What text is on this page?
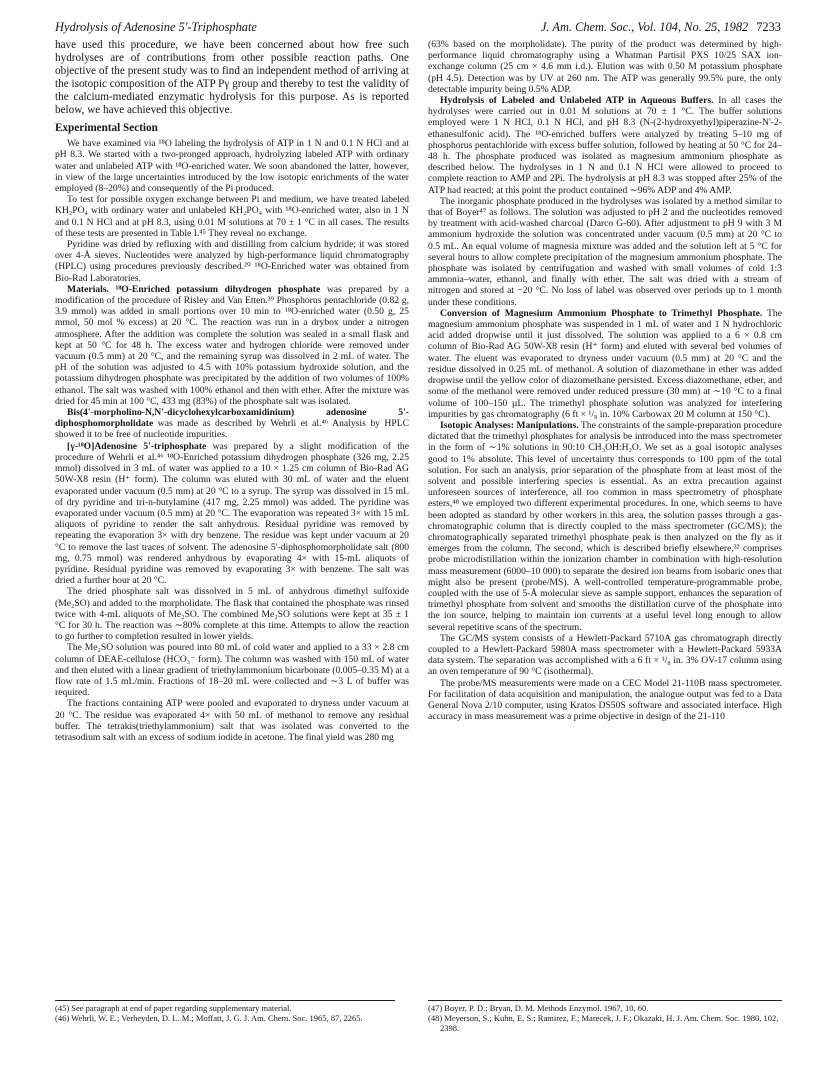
Hydrolysis of Adenosine 5'-Triphosphate	J. Am. Chem. Soc., Vol. 104, No. 25, 1982 7233

have used this procedure, we have been concerned about how free such hydrolyses are of contributions from other possible reaction paths. One objective of the present study was to find an independent method of arriving at the isotopic composition of the ATP Pγ group and thereby to test the validity of the calcium-mediated enzymatic hydrolysis for this purpose. As is reported below, we have achieved this objective.

Experimental Section

We have examined via ¹⁸O labeling the hydrolysis of ATP in 1 N and 0.1 N HCl and at pH 8.3. We started with a two-pronged approach, hydrolyzing labeled ATP with ordinary water and unlabeled ATP with ¹⁸O-enriched water. We soon abandoned the latter, however, in view of the large uncertainties introduced by the low isotopic enrichments of the water employed (8–20%) and consequently of the Pi produced.

To test for possible oxygen exchange between Pi and medium, we have treated labeled KH₂PO₄ with ordinary water and unlabeled KH₂PO₄ with ¹⁸O-enriched water, also in 1 N and 0.1 N HCl and at pH 8.3, using 0.01 M solutions at 70 ± 1 °C in all cases. The results of these tests are presented in Table I.⁴⁵ They reveal no exchange.

Pyridine was dried by refluxing with and distilling from calcium hydride; it was stored over 4-Å sieves. Nucleotides were analyzed by high-performance liquid chromatography (HPLC) using procedures previously described.²⁰ ¹⁸O-Enriched water was obtained from Bio-Rad Laboratories.

Materials. ¹⁸O-Enriched potassium dihydrogen phosphate was prepared by a modification of the procedure of Risley and Van Etten.³⁹ Phosphorus pentachloride (0.82 g, 3.9 mmol) was added in small portions over 10 min to ¹⁸O-enriched water (0.50 g, 25 mmol, 50 mol % excess) at 20 °C. The reaction was run in a drybox under a nitrogen atmosphere. After the addition was complete the solution was sealed in a small flask and kept at 50 °C for 48 h. The excess water and hydrogen chloride were removed under vacuum (0.5 mm) at 20 °C, and the remaining syrup was dissolved in 2 mL of water. The pH of the solution was adjusted to 4.5 with 10% potassium hydroxide solution, and the potassium dihydrogen phosphate was precipitated by the addition of two volumes of 100% ethanol. The salt was washed with 100% ethanol and then with ether. After the mixture was dried for 45 min at 100 °C, 433 mg (83%) of the phosphate salt was isolated.

Bis(4'-morpholino-N,N'-dicyclohexylcarboxamidinium) adenosine 5'-diphosphomorpholidate was made as described by Wehrli et al.⁴⁶ Analysis by HPLC showed it to be free of nucleotide impurities.

[γ-¹⁸O]Adenosine 5'-triphosphate was prepared by a slight modification of the procedure of Wehrli et al.⁴⁶ ¹⁸O-Enriched potassium dihydrogen phosphate (326 mg, 2.25 mmol) dissolved in 3 mL of water was applied to a 10 × 1.25 cm column of Bio-Rad AG 50W-X8 resin (H⁺ form). The column was eluted with 30 mL of water and the eluent evaporated under vacuum (0.5 mm) at 20 °C to a syrup. The syrup was dissolved in 15 mL of dry pyridine and tri-n-butylamine (417 mg, 2.25 mmol) was added. The pyridine was evaporated under vacuum (0.5 mm) at 20 °C. The evaporation was repeated 3× with 15 mL aliquots of pyridine to render the salt anhydrous. Residual pyridine was removed by repeating the evaporation 3× with dry benzene. The residue was kept under vacuum at 20 °C to remove the last traces of solvent. The adenosine 5'-diphosphomorpholidate salt (800 mg, 0.75 mmol) was rendered anhydrous by evaporating 4× with 15-mL aliquots of pyridine. Residual pyridine was removed by evaporating 3× with benzene. The salt was dried a further hour at 20 °C.

The dried phosphate salt was dissolved in 5 mL of anhydrous dimethyl sulfoxide (Me₂SO) and added to the morpholidate. The flask that contained the phosphate was rinsed twice with 4-mL aliquots of Me₂SO. The combined Me₂SO solutions were kept at 35 ± 1 °C for 30 h. The reaction was ∼80% complete at this time. Attempts to allow the reaction to go further to completion resulted in lower yields.

The Me₂SO solution was poured into 80 mL of cold water and applied to a 33 × 2.8 cm column of DEAE-cellulose (HCO₃⁻ form). The column was washed with 150 mL of water and then eluted with a linear gradient of triethylammonium bicarbonate (0.005–0.35 M) at a flow rate of 1.5 mL/min. Fractions of 18–20 mL were collected and ∼3 L of buffer was required.

The fractions containing ATP were pooled and evaporated to dryness under vacuum at 20 °C. The residue was evaporated 4× with 50 mL of methanol to remove any residual buffer. The tetrakis(triethylammonium) salt that was isolated was converted to the tetrasodium salt with an excess of sodium iodide in acetone. The final yield was 280 mg

(63% based on the morpholidate). The purity of the product was determined by high-performance liquid chromatography using a Whatman Partisil PXS 10/25 SAX ion-exchange column (25 cm × 4.6 mm i.d.). Elution was with 0.50 M potassium phosphate (pH 4.5). Detection was by UV at 260 nm. The ATP was generally 99.5% pure, the only detectable impurity being 0.5% ADP.

Hydrolysis of Labeled and Unlabeled ATP in Aqueous Buffers. In all cases the hydrolyses were carried out in 0.01 M solutions at 70 ± 1 °C. The buffer solutions employed were 1 N HCl, 0.1 N HCl, and pH 8.3 (N-(2-hydroxyethyl)piperazine-N'-2-ethanesulfonic acid). The ¹⁸O-enriched buffers were analyzed by treating 5–10 mg of phosphorus pentachloride with excess buffer solution, followed by heating at 50 °C for 24–48 h. The phosphate produced was isolated as magnesium ammonium phosphate as described below. The hydrolyses in 1 N and 0.1 N HCl were allowed to proceed to complete reaction to AMP and 2Pi. The hydrolysis at pH 8.3 was stopped after 25% of the ATP had reacted; at this point the product contained ∼96% ADP and 4% AMP.

The inorganic phosphate produced in the hydrolyses was isolated by a method similar to that of Boyer⁴⁷ as follows. The solution was adjusted to pH 2 and the nucleotides removed by treatment with acid-washed charcoal (Darco G-60). After adjustment to pH 9 with 3 M ammonium hydroxide the solution was concentrated under vacuum (0.5 mm) at 20 °C to 0.5 mL. An equal volume of magnesia mixture was added and the solution left at 5 °C for several hours to allow complete precipitation of the magnesium ammonium phosphate. The phosphate was isolated by centrifugation and washed with small volumes of cold 1:3 ammonia–water, ethanol, and finally with ether. The salt was dried with a stream of nitrogen and stored at −20 °C. No loss of label was observed over periods up to 1 month under these conditions.

Conversion of Magnesium Ammonium Phosphate to Trimethyl Phosphate. The magnesium ammonium phosphate was suspended in 1 mL of water and 1 N hydrochloric acid added dropwise until it just dissolved. The solution was applied to a 6 × 0.8 cm column of Bio-Rad AG 50W-X8 resin (H⁺ form) and eluted with several bed volumes of water. The eluent was evaporated to dryness under vacuum (0.5 mm) at 20 °C and the residue dissolved in 0.25 mL of methanol. A solution of diazomethane in ether was added dropwise until the yellow color of diazomethane persisted. Excess diazomethane, ether, and some of the methanol were removed under reduced pressure (30 mm) at ∼10 °C to a final volume of 100–150 µL. The trimethyl phosphate solution was analyzed for interfering impurities by gas chromatography (6 ft × ¹/₈ in. 10% Carbowax 20 M column at 150 °C).

Isotopic Analyses: Manipulations. The constraints of the sample-preparation procedure dictated that the trimethyl phosphates for analysis be introduced into the mass spectrometer in the form of ∼1% solutions in 90:10 CH₃OH:H₂O. We set as a goal isotopic analyses good to 1% absolute. This level of uncertainty thus corresponds to 100 ppm of the total solution. For such an analysis, prior separation of the phosphate from at least most of the solvent and possible interfering species is essential. As an extra precaution against unforeseen sources of interference, all too common in mass spectrometry of phosphate esters,⁴⁸ we employed two different experimental procedures. In one, which seems to have been adopted as standard by other workers in this area, the solution passes through a gas-chromatographic column that is directly coupled to the mass spectrometer (GC/MS); the chromatographically separated trimethyl phosphate peak is then analyzed on the fly as it emerges from the column. The second, which is described briefly elsewhere,³² comprises probe microdistillation within the ionization chamber in combination with high-resolution mass measurement (6000–10 000) to separate the desired ion beams from isobaric ones that might also be present (probe/MS). A well-controlled temperature-programmable probe, coupled with the use of 5-Å molecular sieve as sample support, enhances the separation of trimethyl phosphate from solvent and smooths the distillation curve of the phosphate into the ion source, helping to maintain ion currents at a useful level long enough to allow several repetitive scans of the spectrum.

The GC/MS system consists of a Hewlett-Packard 5710A gas chromatograph directly coupled to a Hewlett-Packard 5980A mass spectrometer with a Hewlett-Packard 5933A data system. The separation was accomplished with a 6 ft × ¹/₈ in. 3% OV-17 column using an oven temperature of 90 °C (isothermal).

The probe/MS measurements were made on a CEC Model 21-110B mass spectrometer. For facilitation of data acquisition and manipulation, the analogue output was fed to a Data General Nova 2/10 computer, using Kratos DS50S software and associated interface. High accuracy in mass measurement was a prime objective in design of the 21-110

(45) See paragraph at end of paper regarding supplementary material.

(46) Wehrli, W. E.; Verheyden, D. L. M.; Moffatt, J. G. J. Am. Chem. Soc. 1965, 87, 2265.

(47) Boyer, P. D.; Bryan, D. M. Methods Enzymol. 1967, 10, 60.

(48) Meyerson, S.; Kuhn, E. S.; Ramirez, F.; Marecek, J. F.; Okazaki, H. J. Am. Chem. Soc. 1980, 102, 2398.
